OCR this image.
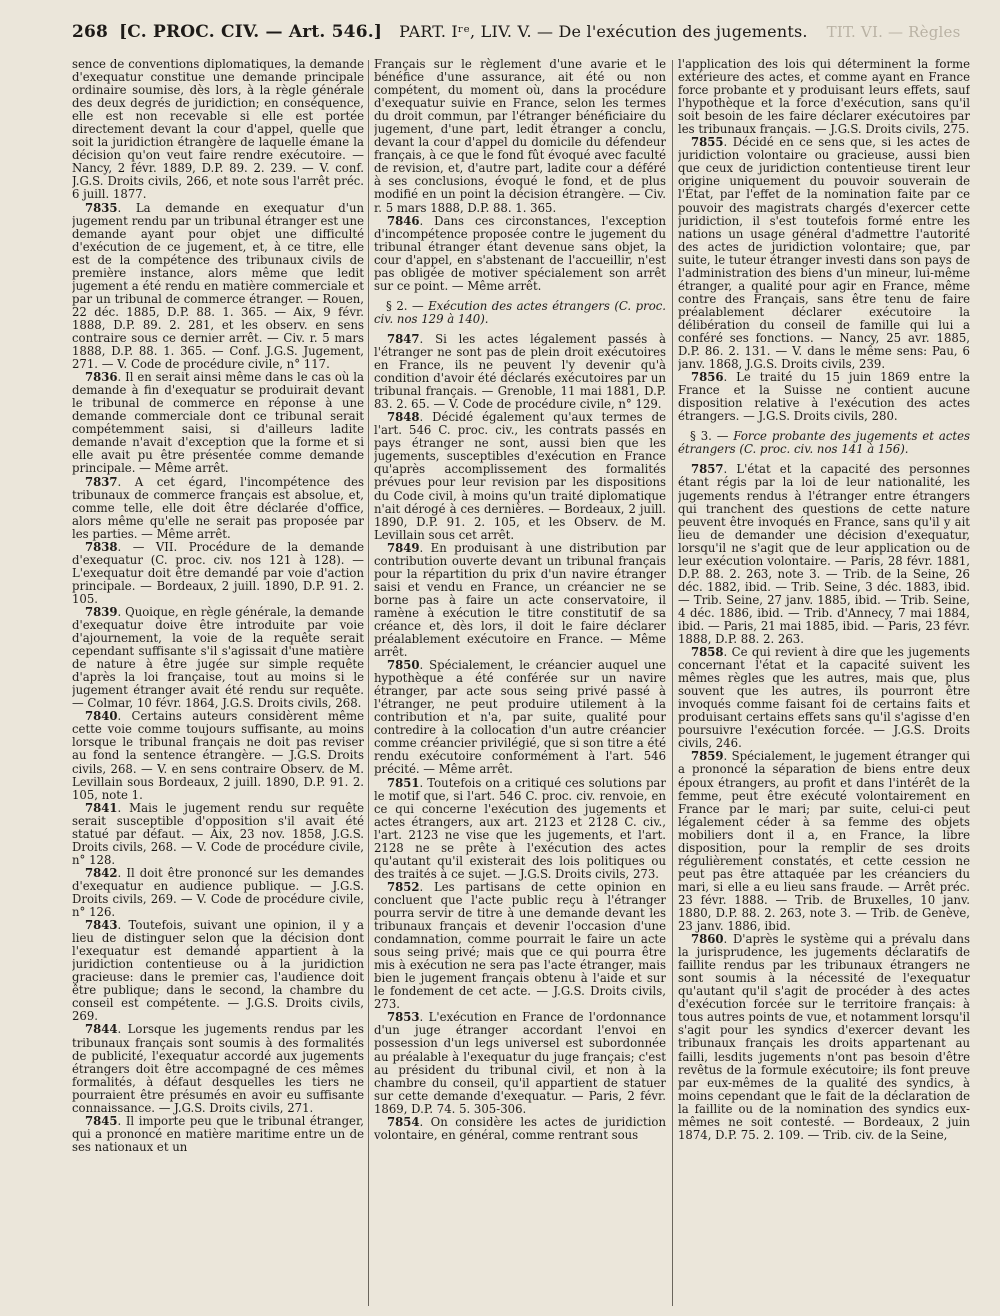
268 [C. PROC. CIV. — Art. 546.] PART. Iʳᵉ, LIV. V. — De l'exécution des jugements. TIT. VI. — Règles

sence de conventions diplomatiques, la demande d'exequatur constitue une demande principale ordinaire soumise, dès lors, à la règle générale des deux degrés de juridiction; en conséquence, elle est non recevable si elle est portée directement devant la cour d'appel, quelle que soit la juridiction étrangère de laquelle émane la décision qu'on veut faire rendre exécutoire. — Nancy, 2 févr. 1889, D.P. 89. 2. 239. — V. conf. J.G.S. Droits civils, 266, et note sous l'arrêt préc. 6 juill. 1877.

7835. La demande en exequatur d'un jugement rendu par un tribunal étranger est une demande ayant pour objet une difficulté d'exécution de ce jugement, et, à ce titre, elle est de la compétence des tribunaux civils de première instance, alors même que ledit jugement a été rendu en matière commerciale et par un tribunal de commerce étranger. — Rouen, 22 déc. 1885, D.P. 88. 1. 365. — Aix, 9 févr. 1888, D.P. 89. 2. 281, et les observ. en sens contraire sous ce dernier arrêt. — Civ. r. 5 mars 1888, D.P. 88. 1. 365. — Conf. J.G.S. Jugement, 271. — V. Code de procédure civile, n° 117.

7836. Il en serait ainsi même dans le cas où la demande à fin d'exequatur se produirait devant le tribunal de commerce en réponse à une demande commerciale dont ce tribunal serait compétemment saisi, si d'ailleurs ladite demande n'avait d'exception que la forme et si elle avait pu être présentée comme demande principale. — Même arrêt.

7837. A cet égard, l'incompétence des tribunaux de commerce français est absolue, et, comme telle, elle doit être déclarée d'office, alors même qu'elle ne serait pas proposée par les parties. — Même arrêt.

7838. — VII. Procédure de la demande d'exequatur (C. proc. civ. nos 121 à 128). — L'exequatur doit être demandé par voie d'action principale. — Bordeaux, 2 juill. 1890, D.P. 91. 2. 105.

7839. Quoique, en règle générale, la demande d'exequatur doive être introduite par voie d'ajournement, la voie de la requête serait cependant suffisante s'il s'agissait d'une matière de nature à être jugée sur simple requête d'après la loi française, tout au moins si le jugement étranger avait été rendu sur requête. — Colmar, 10 févr. 1864, J.G.S. Droits civils, 268.

7840. Certains auteurs considèrent même cette voie comme toujours suffisante, au moins lorsque le tribunal français ne doit pas reviser au fond la sentence étrangère. — J.G.S. Droits civils, 268. — V. en sens contraire Observ. de M. Levillain sous Bordeaux, 2 juill. 1890, D.P. 91. 2. 105, note 1.

7841. Mais le jugement rendu sur requête serait susceptible d'opposition s'il avait été statué par défaut. — Aix, 23 nov. 1858, J.G.S. Droits civils, 268. — V. Code de procédure civile, n° 128.

7842. Il doit être prononcé sur les demandes d'exequatur en audience publique. — J.G.S. Droits civils, 269. — V. Code de procédure civile, n° 126.

7843. Toutefois, suivant une opinion, il y a lieu de distinguer selon que la décision dont l'exequatur est demandé appartient à la juridiction contentieuse ou à la juridiction gracieuse: dans le premier cas, l'audience doit être publique; dans le second, la chambre du conseil est compétente. — J.G.S. Droits civils, 269.

7844. Lorsque les jugements rendus par les tribunaux français sont soumis à des formalités de publicité, l'exequatur accordé aux jugements étrangers doit être accompagné de ces mêmes formalités, à défaut desquelles les tiers ne pourraient être présumés en avoir eu suffisante connaissance. — J.G.S. Droits civils, 271.

7845. Il importe peu que le tribunal étranger, qui a prononcé en matière maritime entre un de ses nationaux et un

Français sur le règlement d'une avarie et le bénéfice d'une assurance, ait été ou non compétent, du moment où, dans la procédure d'exequatur suivie en France, selon les termes du droit commun, par l'étranger bénéficiaire du jugement, d'une part, ledit étranger a conclu, devant la cour d'appel du domicile du défendeur français, à ce que le fond fût évoqué avec faculté de revision, et, d'autre part, ladite cour a déféré à ses conclusions, évoqué le fond, et de plus modifié en un point la décision étrangère. — Civ. r. 5 mars 1888, D.P. 88. 1. 365.

7846. Dans ces circonstances, l'exception d'incompétence proposée contre le jugement du tribunal étranger étant devenue sans objet, la cour d'appel, en s'abstenant de l'accueillir, n'est pas obligée de motiver spécialement son arrêt sur ce point. — Même arrêt.

§ 2. — Exécution des actes étrangers (C. proc. civ. nos 129 à 140).

7847. Si les actes légalement passés à l'étranger ne sont pas de plein droit exécutoires en France, ils ne peuvent l'y devenir qu'à condition d'avoir été déclarés exécutoires par un tribunal français. — Grenoble, 11 mai 1881, D.P. 83. 2. 65. — V. Code de procédure civile, n° 129.

7848. Décidé également qu'aux termes de l'art. 546 C. proc. civ., les contrats passés en pays étranger ne sont, aussi bien que les jugements, susceptibles d'exécution en France qu'après accomplissement des formalités prévues pour leur revision par les dispositions du Code civil, à moins qu'un traité diplomatique n'ait dérogé à ces dernières. — Bordeaux, 2 juill. 1890, D.P. 91. 2. 105, et les Observ. de M. Levillain sous cet arrêt.

7849. En produisant à une distribution par contribution ouverte devant un tribunal français pour la répartition du prix d'un navire étranger saisi et vendu en France, un créancier ne se borne pas à faire un acte conservatoire, il ramène à exécution le titre constitutif de sa créance et, dès lors, il doit le faire déclarer préalablement exécutoire en France. — Même arrêt.

7850. Spécialement, le créancier auquel une hypothèque a été conférée sur un navire étranger, par acte sous seing privé passé à l'étranger, ne peut produire utilement à la contribution et n'a, par suite, qualité pour contredire à la collocation d'un autre créancier comme créancier privilégié, que si son titre a été rendu exécutoire conformément à l'art. 546 précité. — Même arrêt.

7851. Toutefois on a critiqué ces solutions par le motif que, si l'art. 546 C. proc. civ. renvoie, en ce qui concerne l'exécution des jugements et actes étrangers, aux art. 2123 et 2128 C. civ., l'art. 2123 ne vise que les jugements, et l'art. 2128 ne se prête à l'exécution des actes qu'autant qu'il existerait des lois politiques ou des traités à ce sujet. — J.G.S. Droits civils, 273.

7852. Les partisans de cette opinion en concluent que l'acte public reçu à l'étranger pourra servir de titre à une demande devant les tribunaux français et devenir l'occasion d'une condamnation, comme pourrait le faire un acte sous seing privé; mais que ce qui pourra être mis à exécution ne sera pas l'acte étranger, mais bien le jugement français obtenu à l'aide et sur le fondement de cet acte. — J.G.S. Droits civils, 273.

7853. L'exécution en France de l'ordonnance d'un juge étranger accordant l'envoi en possession d'un legs universel est subordonnée au préalable à l'exequatur du juge français; c'est au président du tribunal civil, et non à la chambre du conseil, qu'il appartient de statuer sur cette demande d'exequatur. — Paris, 2 févr. 1869, D.P. 74. 5. 305-306.

7854. On considère les actes de juridiction volontaire, en général, comme rentrant sous

l'application des lois qui déterminent la forme extérieure des actes, et comme ayant en France force probante et y produisant leurs effets, sauf l'hypothèque et la force d'exécution, sans qu'il soit besoin de les faire déclarer exécutoires par les tribunaux français. — J.G.S. Droits civils, 275.

7855. Décidé en ce sens que, si les actes de juridiction volontaire ou gracieuse, aussi bien que ceux de juridiction contentieuse tirent leur origine uniquement du pouvoir souverain de l'État, par l'effet de la nomination faite par ce pouvoir des magistrats chargés d'exercer cette juridiction, il s'est toutefois formé entre les nations un usage général d'admettre l'autorité des actes de juridiction volontaire; que, par suite, le tuteur étranger investi dans son pays de l'administration des biens d'un mineur, lui-même étranger, a qualité pour agir en France, même contre des Français, sans être tenu de faire préalablement déclarer exécutoire la délibération du conseil de famille qui lui a conféré ses fonctions. — Nancy, 25 avr. 1885, D.P. 86. 2. 131. — V. dans le même sens: Pau, 6 janv. 1868, J.G.S. Droits civils, 239.

7856. Le traité du 15 juin 1869 entre la France et la Suisse ne contient aucune disposition relative à l'exécution des actes étrangers. — J.G.S. Droits civils, 280.

§ 3. — Force probante des jugements et actes étrangers (C. proc. civ. nos 141 à 156).

7857. L'état et la capacité des personnes étant régis par la loi de leur nationalité, les jugements rendus à l'étranger entre étrangers qui tranchent des questions de cette nature peuvent être invoqués en France, sans qu'il y ait lieu de demander une décision d'exequatur, lorsqu'il ne s'agit que de leur application ou de leur exécution volontaire. — Paris, 28 févr. 1881, D.P. 88. 2. 263, note 3. — Trib. de la Seine, 26 déc. 1882, ibid. — Trib. Seine, 3 déc. 1883, ibid. — Trib. Seine, 27 janv. 1885, ibid. — Trib. Seine, 4 déc. 1886, ibid. — Trib. d'Annecy, 7 mai 1884, ibid. — Paris, 21 mai 1885, ibid. — Paris, 23 févr. 1888, D.P. 88. 2. 263.

7858. Ce qui revient à dire que les jugements concernant l'état et la capacité suivent les mêmes règles que les autres, mais que, plus souvent que les autres, ils pourront être invoqués comme faisant foi de certains faits et produisant certains effets sans qu'il s'agisse d'en poursuivre l'exécution forcée. — J.G.S. Droits civils, 246.

7859. Spécialement, le jugement étranger qui a prononcé la séparation de biens entre deux époux étrangers, au profit et dans l'intérêt de la femme, peut être exécuté volontairement en France par le mari; par suite, celui-ci peut légalement céder à sa femme des objets mobiliers dont il a, en France, la libre disposition, pour la remplir de ses droits régulièrement constatés, et cette cession ne peut pas être attaquée par les créanciers du mari, si elle a eu lieu sans fraude. — Arrêt préc. 23 févr. 1888. — Trib. de Bruxelles, 10 janv. 1880, D.P. 88. 2. 263, note 3. — Trib. de Genève, 23 janv. 1886, ibid.

7860. D'après le système qui a prévalu dans la jurisprudence, les jugements déclaratifs de faillite rendus par les tribunaux étrangers ne sont soumis à la nécessité de l'exequatur qu'autant qu'il s'agit de procéder à des actes d'exécution forcée sur le territoire français: à tous autres points de vue, et notamment lorsqu'il s'agit pour les syndics d'exercer devant les tribunaux français les droits appartenant au failli, lesdits jugements n'ont pas besoin d'être revêtus de la formule exécutoire; ils font preuve par eux-mêmes de la qualité des syndics, à moins cependant que le fait de la déclaration de la faillite ou de la nomination des syndics eux-mêmes ne soit contesté. — Bordeaux, 2 juin 1874, D.P. 75. 2. 109. — Trib. civ. de la Seine,
